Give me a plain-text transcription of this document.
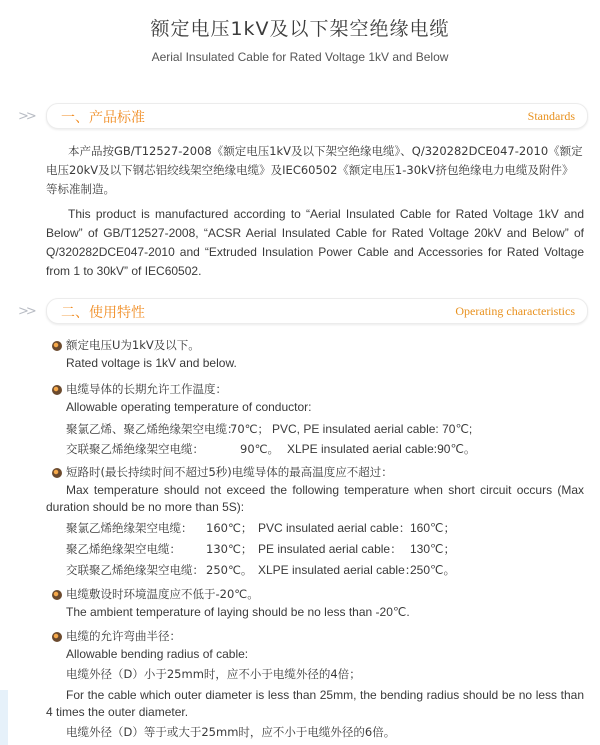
额定电压1kV及以下架空绝缘电缆
Aerial Insulated Cable for Rated Voltage 1kV and Below
>> 一、产品标准	Standards
本产品按GB/T12527-2008《额定电压1kV及以下架空绝缘电缆》、Q/320282DCE047-2010《额定电压20kV及以下钢芯铝绞线架空绝缘电缆》及IEC60502《额定电压1-30kV挤包绝缘电力电缆及附件》等标准制造。
This product is manufactured according to “Aerial Insulated Cable for Rated Voltage 1kV and Below” of GB/T12527-2008, “ACSR Aerial Insulated Cable for Rated Voltage 20kV and Below” of Q/320282DCE047-2010 and “Extruded Insulation Power Cable and Accessories for Rated Voltage from 1 to 30kV” of IEC60502.
>> 二、使用特性	Operating characteristics
额定电压U为1kV及以下。
Rated voltage is 1kV and below.
电缆导体的长期允许工作温度：
Allowable operating temperature of conductor:
聚氯乙烯、聚乙烯绝缘架空电缆：
70℃； PVC, PE insulated aerial cable: 70℃;
交联聚乙烯绝缘架空电缆：	90℃。 XLPE insulated aerial cable:90℃。
短路时(最长持续时间不超过5秒)电缆导体的最高温度应不超过：
Max temperature should not exceed the following temperature when short circuit occurs (Max duration should be no more than 5S):
聚氯乙烯绝缘架空电缆： 160℃； PVC insulated aerial cable： 160℃；
聚乙烯绝缘架空电缆： 130℃； PE insulated aerial cable： 130℃；
交联聚乙烯绝缘架空电缆： 250℃。 XLPE insulated aerial cable：
250℃。
电缆敷设时环境温度应不低于-20℃。
The ambient temperature of laying should be no less than -20℃.
电缆的允许弯曲半径：
Allowable bending radius of cable:
电缆外径（D）小于25mm时，应不小于电缆外径的4倍；
For the cable which outer diameter is less than 25mm, the bending radius should be no less than 4 times the outer diameter.
电缆外径（D）等于或大于25mm时，应不小于电缆外径的6倍。
